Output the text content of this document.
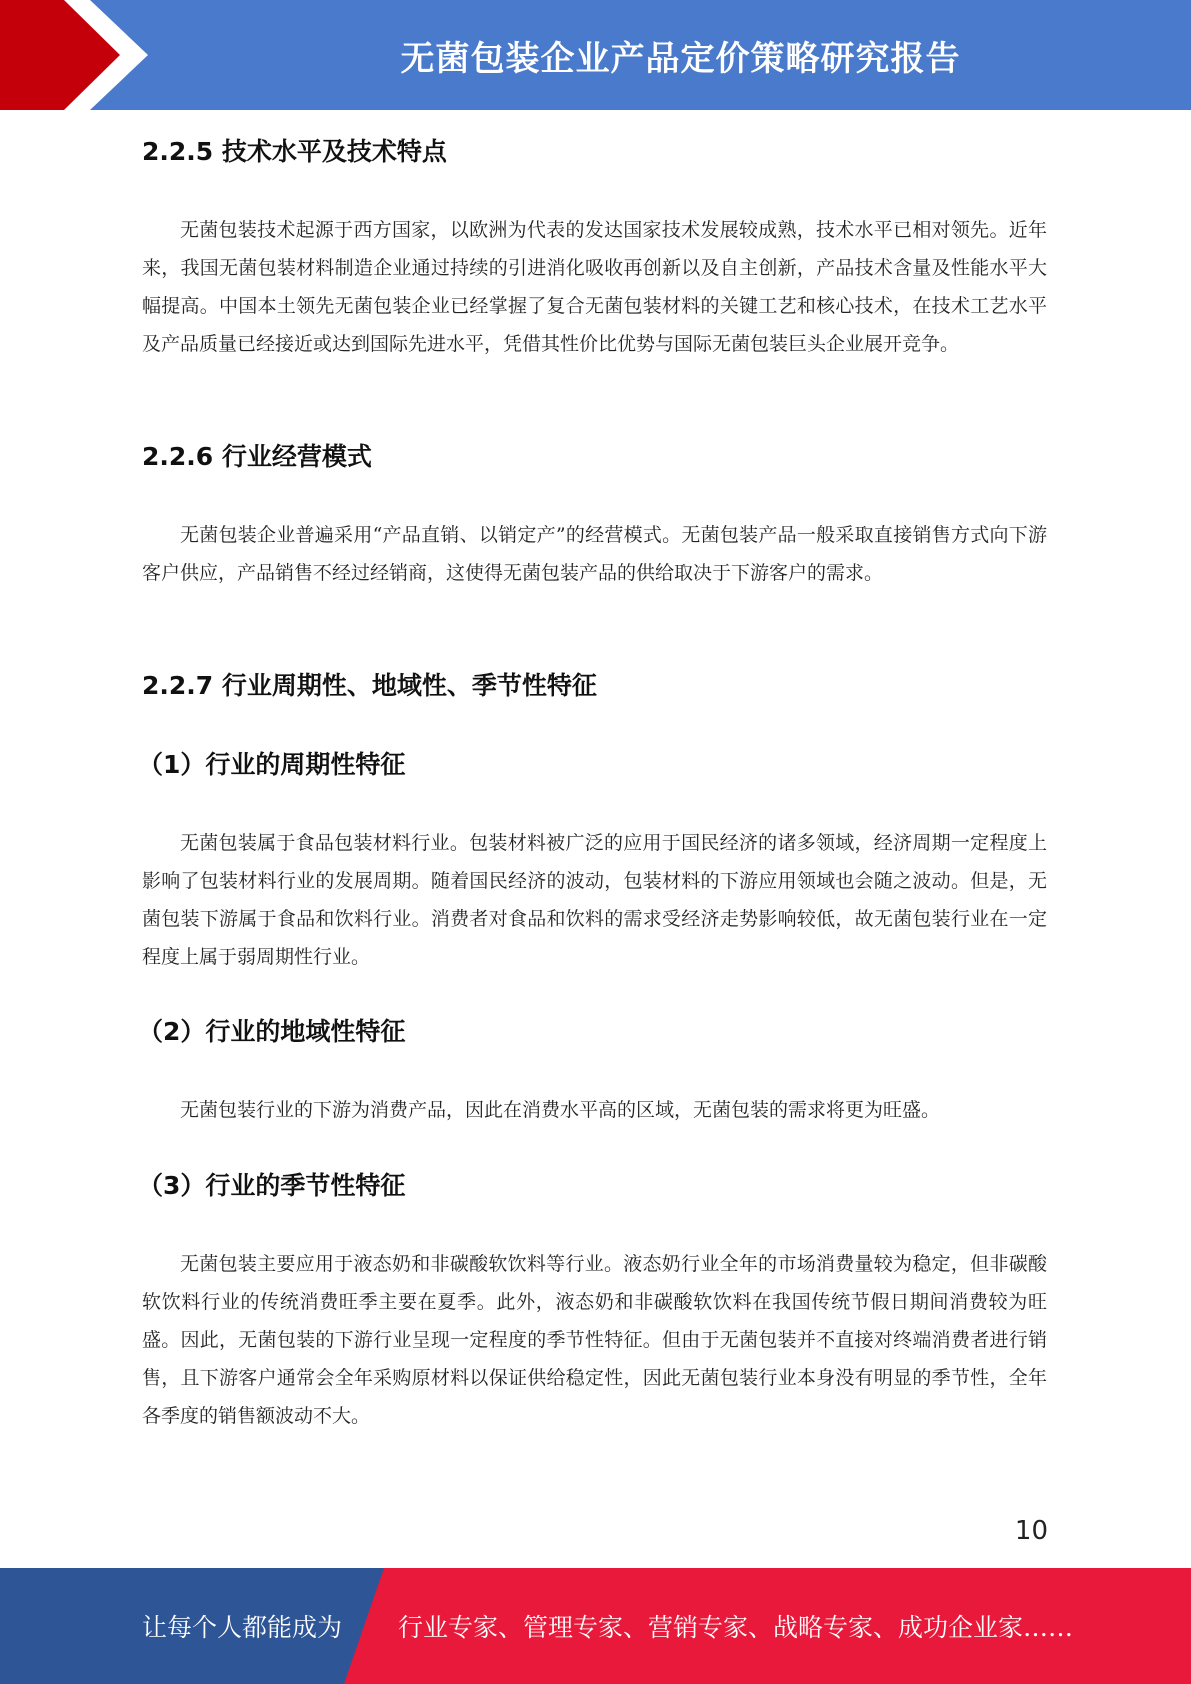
无菌包装企业产品定价策略研究报告
2.2.5 技术水平及技术特点

无菌包装技术起源于西方国家，以欧洲为代表的发达国家技术发展较成熟，技术水平已相对领先。近年来，我国无菌包装材料制造企业通过持续的引进消化吸收再创新以及自主创新，产品技术含量及性能水平大幅提高。中国本土领先无菌包装企业已经掌握了复合无菌包装材料的关键工艺和核心技术，在技术工艺水平及产品质量已经接近或达到国际先进水平，凭借其性价比优势与国际无菌包装巨头企业展开竞争。

2.2.6 行业经营模式

无菌包装企业普遍采用“产品直销、以销定产”的经营模式。无菌包装产品一般采取直接销售方式向下游客户供应，产品销售不经过经销商，这使得无菌包装产品的供给取决于下游客户的需求。

2.2.7 行业周期性、地域性、季节性特征
（1）行业的周期性特征

无菌包装属于食品包装材料行业。包装材料被广泛的应用于国民经济的诸多领域，经济周期一定程度上影响了包装材料行业的发展周期。随着国民经济的波动，包装材料的下游应用领域也会随之波动。但是，无菌包装下游属于食品和饮料行业。消费者对食品和饮料的需求受经济走势影响较低，故无菌包装行业在一定程度上属于弱周期性行业。

（2）行业的地域性特征

无菌包装行业的下游为消费产品，因此在消费水平高的区域，无菌包装的需求将更为旺盛。

（3）行业的季节性特征

无菌包装主要应用于液态奶和非碳酸软饮料等行业。液态奶行业全年的市场消费量较为稳定，但非碳酸软饮料行业的传统消费旺季主要在夏季。此外，液态奶和非碳酸软饮料在我国传统节假日期间消费较为旺盛。因此，无菌包装的下游行业呈现一定程度的季节性特征。但由于无菌包装并不直接对终端消费者进行销售，且下游客户通常会全年采购原材料以保证供给稳定性，因此无菌包装行业本身没有明显的季节性，全年各季度的销售额波动不大。

10
让每个人都能成为 行业专家、管理专家、营销专家、战略专家、成功企业家……
